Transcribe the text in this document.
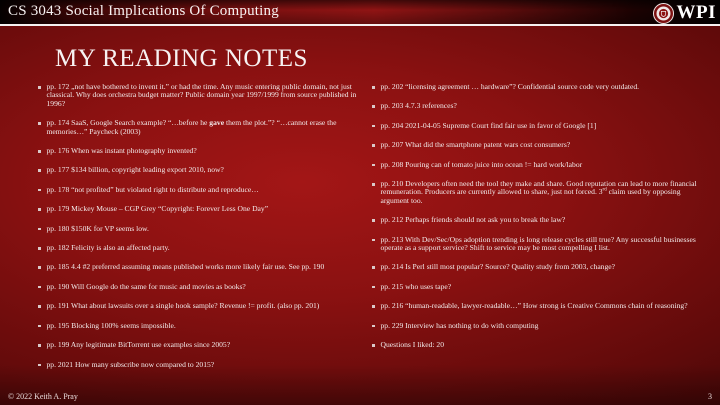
CS 3043 Social Implications Of Computing	WPI
MY READING NOTES
pp. 172 „not have bothered to invent it.” or had the time. Any music entering public domain, not just classical. Why does orchestra budget matter? Public domain year 1997/1999 from source published in 1996?
pp. 174 SaaS, Google Search example? “…before he gave them the plot.”? “…cannot erase the memories…” Paycheck (2003)
pp. 176 When was instant photography invented?
pp. 177 $134 billion, copyright leading export 2010, now?
pp. 178 “not profited” but violated right to distribute and reproduce…
pp. 179 Mickey Mouse – CGP Grey “Copyright: Forever Less One Day”
pp. 180 $150K for VP seems low.
pp. 182 Felicity is also an affected party.
pp. 185 4.4 #2 preferred assuming means published works more likely fair use. See pp. 190
pp. 190 Will Google do the same for music and movies as books?
pp. 191 What about lawsuits over a single hook sample? Revenue != profit. (also pp. 201)
pp. 195 Blocking 100% seems impossible.
pp. 199 Any legitimate BitTorrent use examples since 2005?
pp. 2021 How many subscribe now compared to 2015?
pp. 202 “licensing agreement … hardware”? Confidential source code very outdated.
pp. 203 4.7.3 references?
pp. 204 2021-04-05 Supreme Court find fair use in favor of Google [1]
pp. 207 What did the smartphone patent wars cost consumers?
pp. 208 Pouring can of tomato juice into ocean != hard work/labor
pp. 210 Developers often need the tool they make and share. Good reputation can lead to more financial remuneration. Producers are currently allowed to share, just not forced. 3rd claim used by opposing argument too.
pp. 212 Perhaps friends should not ask you to break the law?
pp. 213 With Dev/Sec/Ops adoption trending is long release cycles still true? Any successful businesses operate as a support service? Shift to service may be most compelling I list.
pp. 214 Is Perl still most popular? Source? Quality study from 2003, change?
pp. 215 who uses tape?
pp. 216 “human-readable, lawyer-readable…” How strong is Creative Commons chain of reasoning?
pp. 229 Interview has nothing to do with computing
Questions I liked: 20
© 2022 Keith A. Pray	3
